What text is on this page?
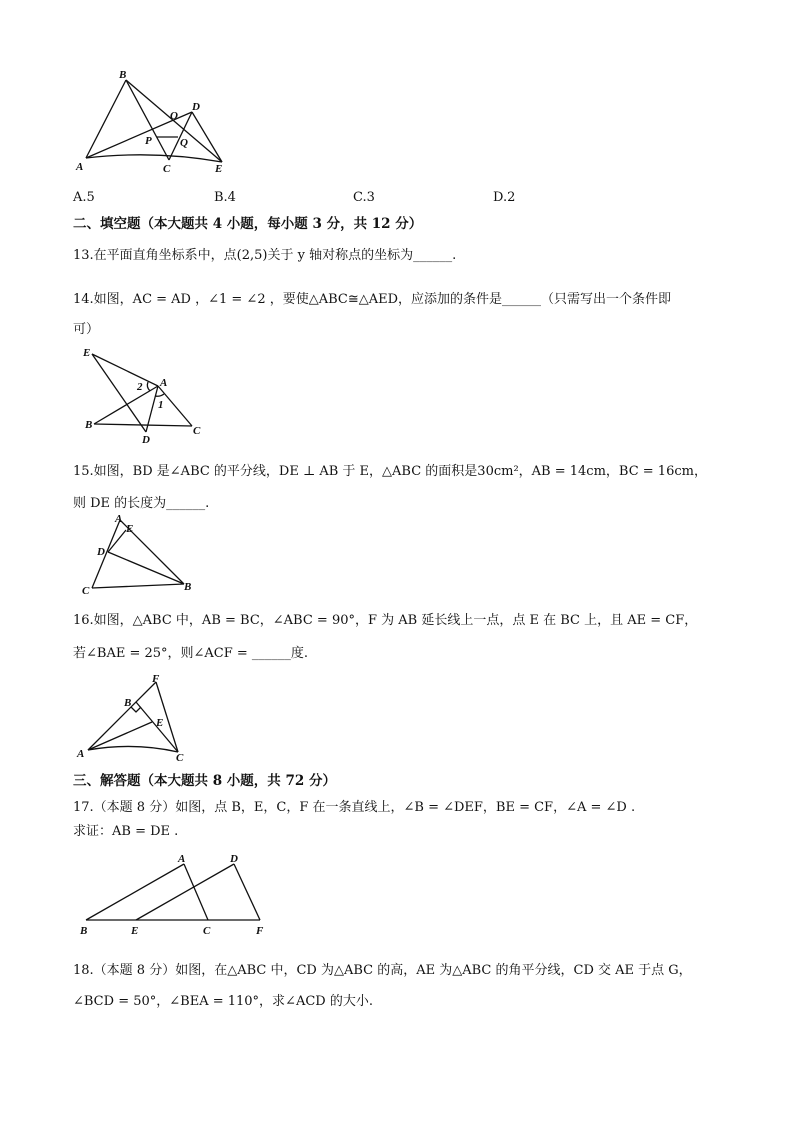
B
O
D
P	Q
A	C	E
A.5	B.4	C.3	D.2
二、填空题（本大题共 4 小题，每小题 3 分，共 12 分）
13.在平面直角坐标系中，点(2,5)关于 y 轴对称点的坐标为______.
14.如图，AC = AD ，∠1 = ∠2 ，要使△ABC≅△AED，应添加的条件是______（只需写出一个条件即
可）
E
A
2
1
B
D
C
15.如图，BD 是∠ABC 的平分线，DE ⊥ AB 于 E，△ABC 的面积是30cm²，AB = 14cm，BC = 16cm，
则 DE 的长度为______.
A
E
D
C	B
16.如图，△ABC 中，AB = BC，∠ABC = 90°，F 为 AB 延长线上一点，点 E 在 BC 上，且 AE = CF，
若∠BAE = 25°，则∠ACF = ______度.
F
B
E
A	C
三、解答题（本大题共 8 小题，共 72 分）
17.（本题 8 分）如图，点 B，E，C，F 在一条直线上，∠B = ∠DEF，BE = CF，∠A = ∠D .
求证：AB = DE .
A	D
B	E	C	F
18.（本题 8 分）如图，在△ABC 中，CD 为△ABC 的高，AE 为△ABC 的角平分线，CD 交 AE 于点 G，
∠BCD = 50°，∠BEA = 110°，求∠ACD 的大小.
